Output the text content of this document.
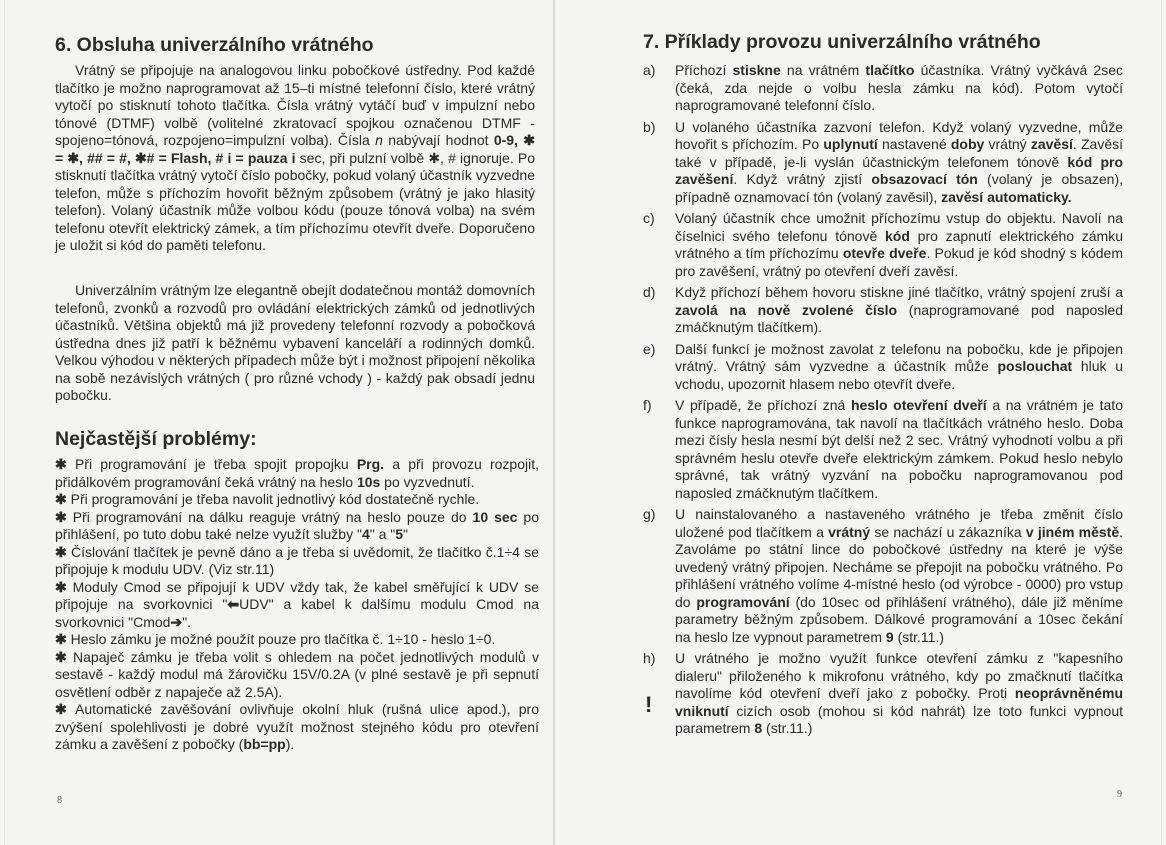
6. Obsluha univerzálního vrátného
Vrátný se připojuje na analogovou linku pobočkové ústředny. Pod každé tlačítko je možno naprogramovat až 15–ti místné telefonní číslo, které vrátný vytočí po stisknutí tohoto tlačítka. Čísla vrátný vytáčí buď v impulzní nebo tónové (DTMF) volbě (volitelné zkratovací spojkou označenou DTMF - spojeno=tónová, rozpojeno=impulzní volba). Čísla n nabývají hodnot 0-9, ✱ = ✱, ## = #, ✱# = Flash, # i = pauza i sec, při pulzní volbě ✱, # ignoruje. Po stisknutí tlačítka vrátný vytočí číslo pobočky, pokud volaný účastník vyzvedne telefon, může s příchozím hovořit běžným způsobem (vrátný je jako hlasitý telefon). Volaný účastník může volbou kódu (pouze tónová volba) na svém telefonu otevřít elektrický zámek, a tím příchozímu otevřít dveře. Doporučeno je uložit si kód do paměti telefonu.
Univerzálním vrátným lze elegantně obejít dodatečnou montáž domovních telefonů, zvonků a rozvodů pro ovládání elektrických zámků od jednotlivých účastníků. Většina objektů má již provedeny telefonní rozvody a pobočková ústředna dnes již patří k běžnému vybavení kanceláří a rodinných domků. Velkou výhodou v některých případech může být i možnost připojení několika na sobě nezávislých vrátných ( pro různé vchody ) - každý pak obsadí jednu pobočku.
Nejčastější problémy:

✱ Při programování je třeba spojit propojku Prg. a při provozu rozpojit, přidálkovém programování čeká vrátný na heslo 10s po vyzvednutí.

✱ Při programování je třeba navolit jednotlivý kód dostatečně rychle.

✱ Při programování na dálku reaguje vrátný na heslo pouze do 10 sec po přihlášení, po tuto dobu také nelze využít služby "4" a "5"

✱ Číslování tlačítek je pevně dáno a je třeba si uvědomit, že tlačítko č.1÷4 se připojuje k modulu UDV. (Viz str.11)

✱ Moduly Cmod se připojují k UDV vždy tak, že kabel směřující k UDV se připojuje na svorkovnici "⬅UDV" a kabel k dalšímu modulu Cmod na svorkovnici "Cmod➔".

✱ Heslo zámku je možné použít pouze pro tlačítka č. 1÷10 - heslo 1÷0.

✱ Napaječ zámku je třeba volit s ohledem na počet jednotlivých modulů v sestavě - každý modul má žárovičku 15V/0.2A (v plné sestavě je při sepnutí osvětlení odběr z napaječe až 2.5A).

✱ Automatické zavěšování ovlivňuje okolní hluk (rušná ulice apod.), pro zvýšení spolehlivosti je dobré využít možnost stejného kódu pro otevření zámku a zavěšení z pobočky (bb=pp).

8
7. Příklady provozu univerzálního vrátného
a) Příchozí stiskne na vrátném tlačítko účastníka. Vrátný vyčkává 2sec (čeká, zda nejde o volbu hesla zámku na kód). Potom vytočí naprogramované telefonní číslo.
b) U volaného účastníka zazvoní telefon. Když volaný vyzvedne, může hovořit s příchozím. Po uplynutí nastavené doby vrátný zavěsí. Zavěsí také v případě, je-li vyslán účastnickým telefonem tónově kód pro zavěšení. Když vrátný zjistí obsazovací tón (volaný je obsazen), případně oznamovací tón (volaný zavěsil), zavěsí automaticky.
c) Volaný účastník chce umožnit příchozímu vstup do objektu. Navolí na číselnici svého telefonu tónově kód pro zapnutí elektrického zámku vrátného a tím příchozímu otevře dveře. Pokud je kód shodný s kódem pro zavěšení, vrátný po otevření dveří zavěsí.
d) Když příchozí během hovoru stiskne jiné tlačítko, vrátný spojení zruší a zavolá na nově zvolené číslo (naprogramované pod naposled zmáčknutým tlačítkem).
e) Další funkcí je možnost zavolat z telefonu na pobočku, kde je připojen vrátný. Vrátný sám vyzvedne a účastník může poslouchat hluk u vchodu, upozornit hlasem nebo otevřít dveře.
f) V případě, že příchozí zná heslo otevření dveří a na vrátném je tato funkce naprogramována, tak navolí na tlačítkách vrátného heslo. Doba mezi čísly hesla nesmí být delší než 2 sec. Vrátný vyhodnotí volbu a při správném heslu otevře dveře elektrickým zámkem. Pokud heslo nebylo správné, tak vrátný vyzvání na pobočku naprogramovanou pod naposled zmáčknutým tlačítkem.
g) U nainstalovaného a nastaveného vrátného je třeba změnit číslo uložené pod tlačítkem a vrátný se nachází u zákazníka v jiném městě. Zavoláme po státní lince do pobočkové ústředny na které je výše uvedený vrátný připojen. Necháme se přepojit na pobočku vrátného. Po přihlášení vrátného volíme 4-místné heslo (od výrobce - 0000) pro vstup do programování (do 10sec od přihlášení vrátného), dále již měníme parametry běžným způsobem. Dálkové programování a 10sec čekání na heslo lze vypnout parametrem 9 (str.11.)
h)
!
U vrátného je možno využít funkce otevření zámku z "kapesního dialeru" přiloženého k mikrofonu vrátného, kdy po zmačknutí tlačítka navolíme kód otevření dveří jako z pobočky. Proti neoprávněnému vniknutí cizích osob (mohou si kód nahrát) lze toto funkci vypnout parametrem 8 (str.11.)
9
